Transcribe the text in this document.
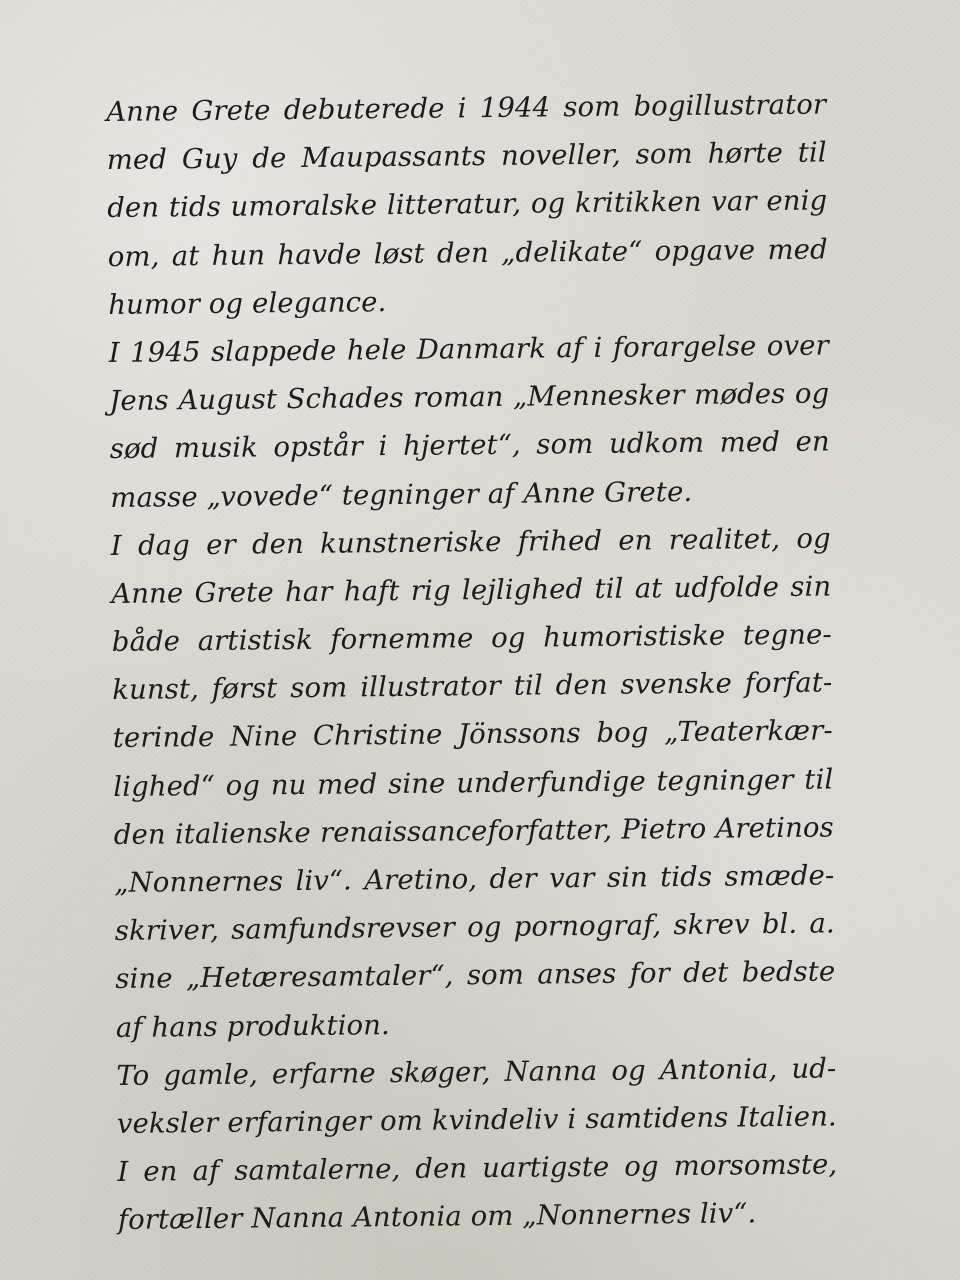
Anne Grete debuterede i 1944 som bogillustrator
med Guy de Maupassants noveller, som hørte til
den tids umoralske litteratur, og kritikken var enig
om, at hun havde løst den „delikate“ opgave med
humor og elegance.

I 1945 slappede hele Danmark af i forargelse over
Jens August Schades roman „Mennesker mødes og
sød musik opstår i hjertet“, som udkom med en
masse „vovede“ tegninger af Anne Grete.

I dag er den kunstneriske frihed en realitet, og
Anne Grete har haft rig lejlighed til at udfolde sin
både artistisk fornemme og humoristiske tegne-
kunst, først som illustrator til den svenske forfat-
terinde Nine Christine Jönssons bog „Teaterkær-
lighed“ og nu med sine underfundige tegninger til
den italienske renaissanceforfatter, Pietro Aretinos
„Nonnernes liv“. Aretino, der var sin tids smæde-
skriver, samfundsrevser og pornograf, skrev bl. a.
sine „Hetæresamtaler“, som anses for det bedste
af hans produktion.

To gamle, erfarne skøger, Nanna og Antonia, ud-
veksler erfaringer om kvindeliv i samtidens Italien.
I en af samtalerne, den uartigste og morsomste,
fortæller Nanna Antonia om „Nonnernes liv“.
